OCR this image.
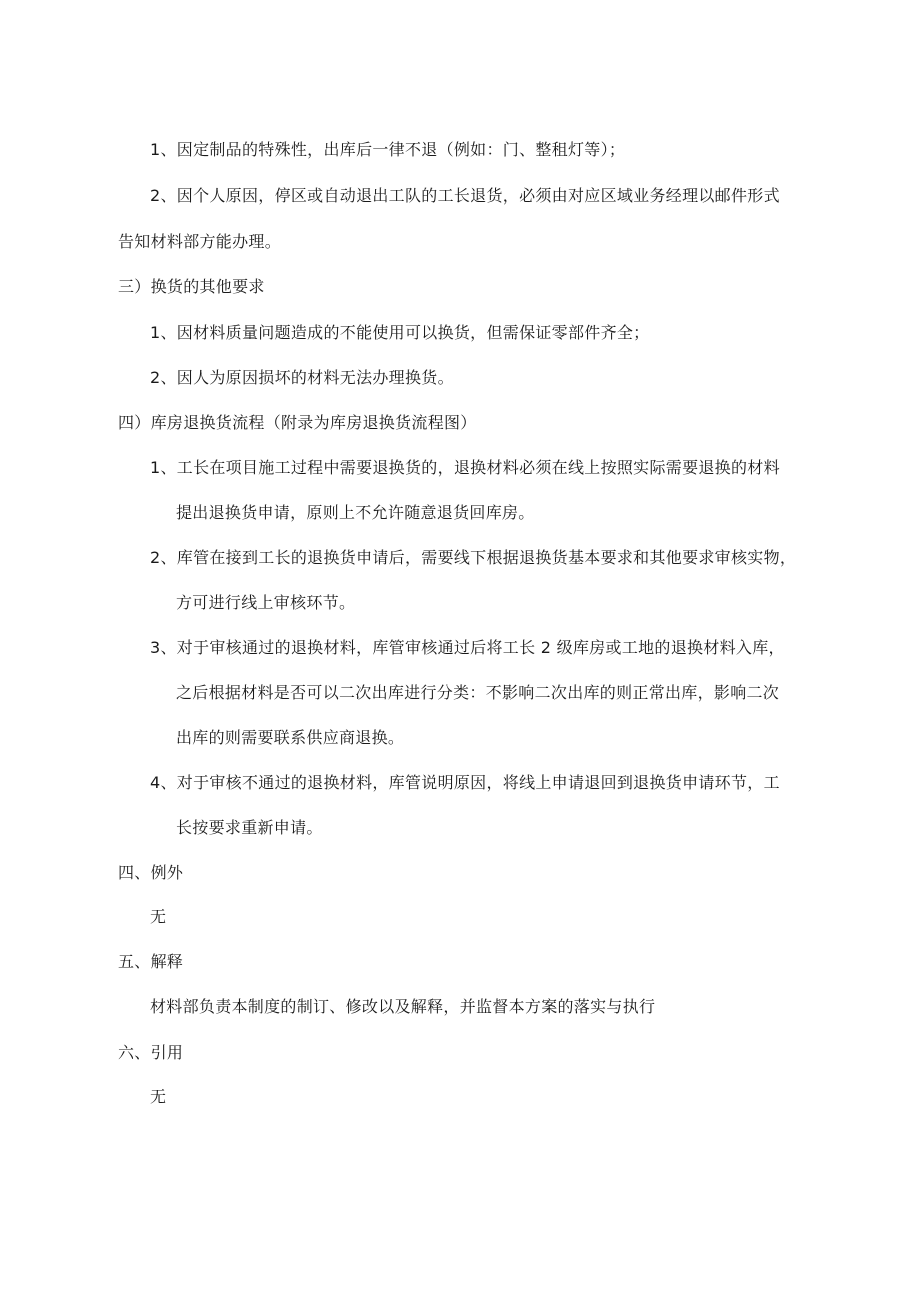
1、因定制品的特殊性，出库后一律不退（例如：门、整租灯等）；
2、因个人原因，停区或自动退出工队的工长退货，必须由对应区域业务经理以邮件形式
告知材料部方能办理。
三）换货的其他要求
1、因材料质量问题造成的不能使用可以换货，但需保证零部件齐全；
2、因人为原因损坏的材料无法办理换货。
四）库房退换货流程（附录为库房退换货流程图）
1、工长在项目施工过程中需要退换货的，退换材料必须在线上按照实际需要退换的材料
提出退换货申请，原则上不允许随意退货回库房。
2、库管在接到工长的退换货申请后，需要线下根据退换货基本要求和其他要求审核实物，
方可进行线上审核环节。
3、对于审核通过的退换材料，库管审核通过后将工长 2 级库房或工地的退换材料入库，
之后根据材料是否可以二次出库进行分类：不影响二次出库的则正常出库，影响二次
出库的则需要联系供应商退换。
4、对于审核不通过的退换材料，库管说明原因，将线上申请退回到退换货申请环节，工
长按要求重新申请。
四、例外
无
五、解释
材料部负责本制度的制订、修改以及解释，并监督本方案的落实与执行
六、引用
无
